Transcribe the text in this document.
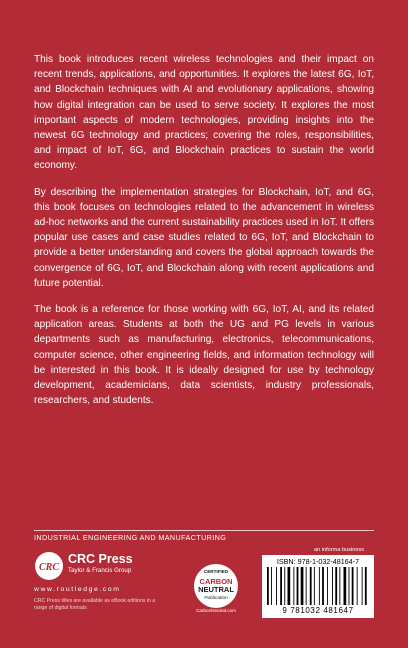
This book introduces recent wireless technologies and their impact on recent trends, applications, and opportunities. It explores the latest 6G, IoT, and Blockchain techniques with AI and evolutionary applications, showing how digital integration can be used to serve society. It explores the most important aspects of modern technologies, providing insights into the newest 6G technology and practices; covering the roles, responsibilities, and impact of IoT, 6G, and Blockchain practices to sustain the world economy.

By describing the implementation strategies for Blockchain, IoT, and 6G, this book focuses on technologies related to the advancement in wireless ad-hoc networks and the current sustainability practices used in IoT. It offers popular use cases and case studies related to 6G, IoT, and Blockchain to provide a better understanding and covers the global approach towards the convergence of 6G, IoT, and Blockchain along with recent applications and future potential.

The book is a reference for those working with 6G, IoT, AI, and its related application areas. Students at both the UG and PG levels in various departments such as manufacturing, electronics, telecommunications, computer science, other engineering fields, and information technology will be interested in this book. It is ideally designed for use by technology development, academicians, data scientists, industry professionals, researchers, and students.

INDUSTRIAL ENGINEERING AND MANUFACTURING
CRC
CRC Press
Taylor & Francis Group
www.routledge.com
CRC Press titles are available as eBook editions in a range of digital formats
CERTIFIED
CARBON
NEUTRAL
Publication
CarbonNeutral.com
an informa business
ISBN: 978-1-032-48164-7
9 781032 481647
